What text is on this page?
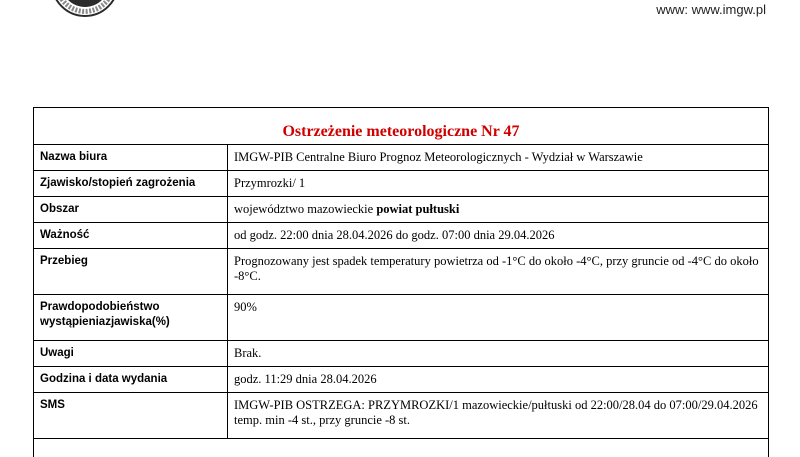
www: www.imgw.pl
Ostrzeżenie meteorologiczne Nr 47
Nazwa biura	IMGW-PIB Centralne Biuro Prognoz Meteorologicznych - Wydział w Warszawie
Zjawisko/stopień zagrożenia	Przymrozki/ 1
Obszar	województwo mazowieckie powiat pułtuski
Ważność	od godz. 22:00 dnia 28.04.2026 do godz. 07:00 dnia 29.04.2026
Przebieg	Prognozowany jest spadek temperatury powietrza od -1°C do około -4°C, przy gruncie od -4°C do około -8°C.
Prawdopodobieństwo wystąpieniazjawiska(%)	90%
Uwagi	Brak.
Godzina i data wydania	godz. 11:29 dnia 28.04.2026
SMS	IMGW-PIB OSTRZEGA: PRZYMROZKI/1 mazowieckie/pułtuski od 22:00/28.04 do 07:00/29.04.2026 temp. min -4 st., przy gruncie -8 st.
